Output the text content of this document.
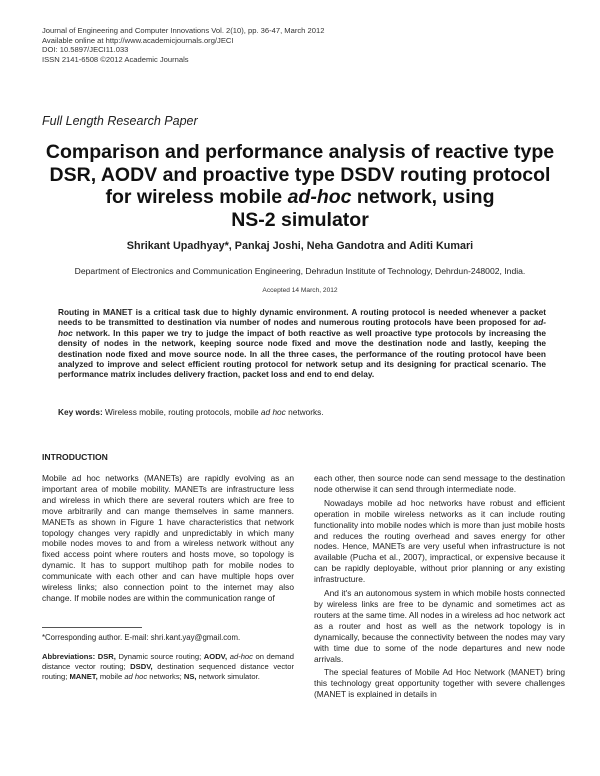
Journal of Engineering and Computer Innovations Vol. 2(10), pp. 36-47, March 2012
Available online at http://www.academicjournals.org/JECI
DOI: 10.5897/JECI11.033
ISSN 2141-6508 ©2012 Academic Journals
Full Length Research Paper
Comparison and performance analysis of reactive type
DSR, AODV and proactive type DSDV routing protocol
for wireless mobile ad-hoc network, using
NS-2 simulator
Shrikant Upadhyay*, Pankaj Joshi, Neha Gandotra and Aditi Kumari
Department of Electronics and Communication Engineering, Dehradun Institute of Technology, Dehrdun-248002, India.
Accepted 14 March, 2012
Routing in MANET is a critical task due to highly dynamic environment. A routing protocol is needed whenever a packet needs to be transmitted to destination via number of nodes and numerous routing protocols have been proposed for ad-hoc network. In this paper we try to judge the impact of both reactive as well proactive type protocols by increasing the density of nodes in the network, keeping source node fixed and move the destination node and lastly, keeping the destination node fixed and move source node. In all the three cases, the performance of the routing protocol have been analyzed to improve and select efficient routing protocol for network setup and its designing for practical scenario. The performance matrix includes delivery fraction, packet loss and end to end delay.
Key words: Wireless mobile, routing protocols, mobile ad hoc networks.
INTRODUCTION

Mobile ad hoc networks (MANETs) are rapidly evolving as an important area of mobile mobility. MANETs are infrastructure less and wireless in which there are several routers which are free to move arbitrarily and can mange themselves in same manners. MANETs as shown in Figure 1 have characteristics that network topology changes very rapidly and unpredictably in which many mobile nodes moves to and from a wireless network without any fixed access point where routers and hosts move, so topology is dynamic. It has to support multihop path for mobile nodes to communicate with each other and can have multiple hops over wireless links; also connection point to the internet may also change. If mobile nodes are within the communication range of

each other, then source node can send message to the destination node otherwise it can send through intermediate node.

Nowadays mobile ad hoc networks have robust and efficient operation in mobile wireless networks as it can include routing functionality into mobile nodes which is more than just mobile hosts and reduces the routing overhead and saves energy for other nodes. Hence, MANETs are very useful when infrastructure is not available (Pucha et al., 2007), impractical, or expensive because it can be rapidly deployable, without prior planning or any existing infrastructure.

And it's an autonomous system in which mobile hosts connected by wireless links are free to be dynamic and sometimes act as routers at the same time. All nodes in a wireless ad hoc network act as a router and host as well as the network topology is in dynamically, because the connectivity between the nodes may vary with time due to some of the node departures and new node arrivals.

The special features of Mobile Ad Hoc Network (MANET) bring this technology great opportunity together with severe challenges (MANET is explained in details in

*Corresponding author. E-mail: shri.kant.yay@gmail.com.
Abbreviations: DSR, Dynamic source routing; AODV, ad-hoc on demand distance vector routing; DSDV, destination sequenced distance vector routing; MANET, mobile ad hoc networks; NS, network simulator.
